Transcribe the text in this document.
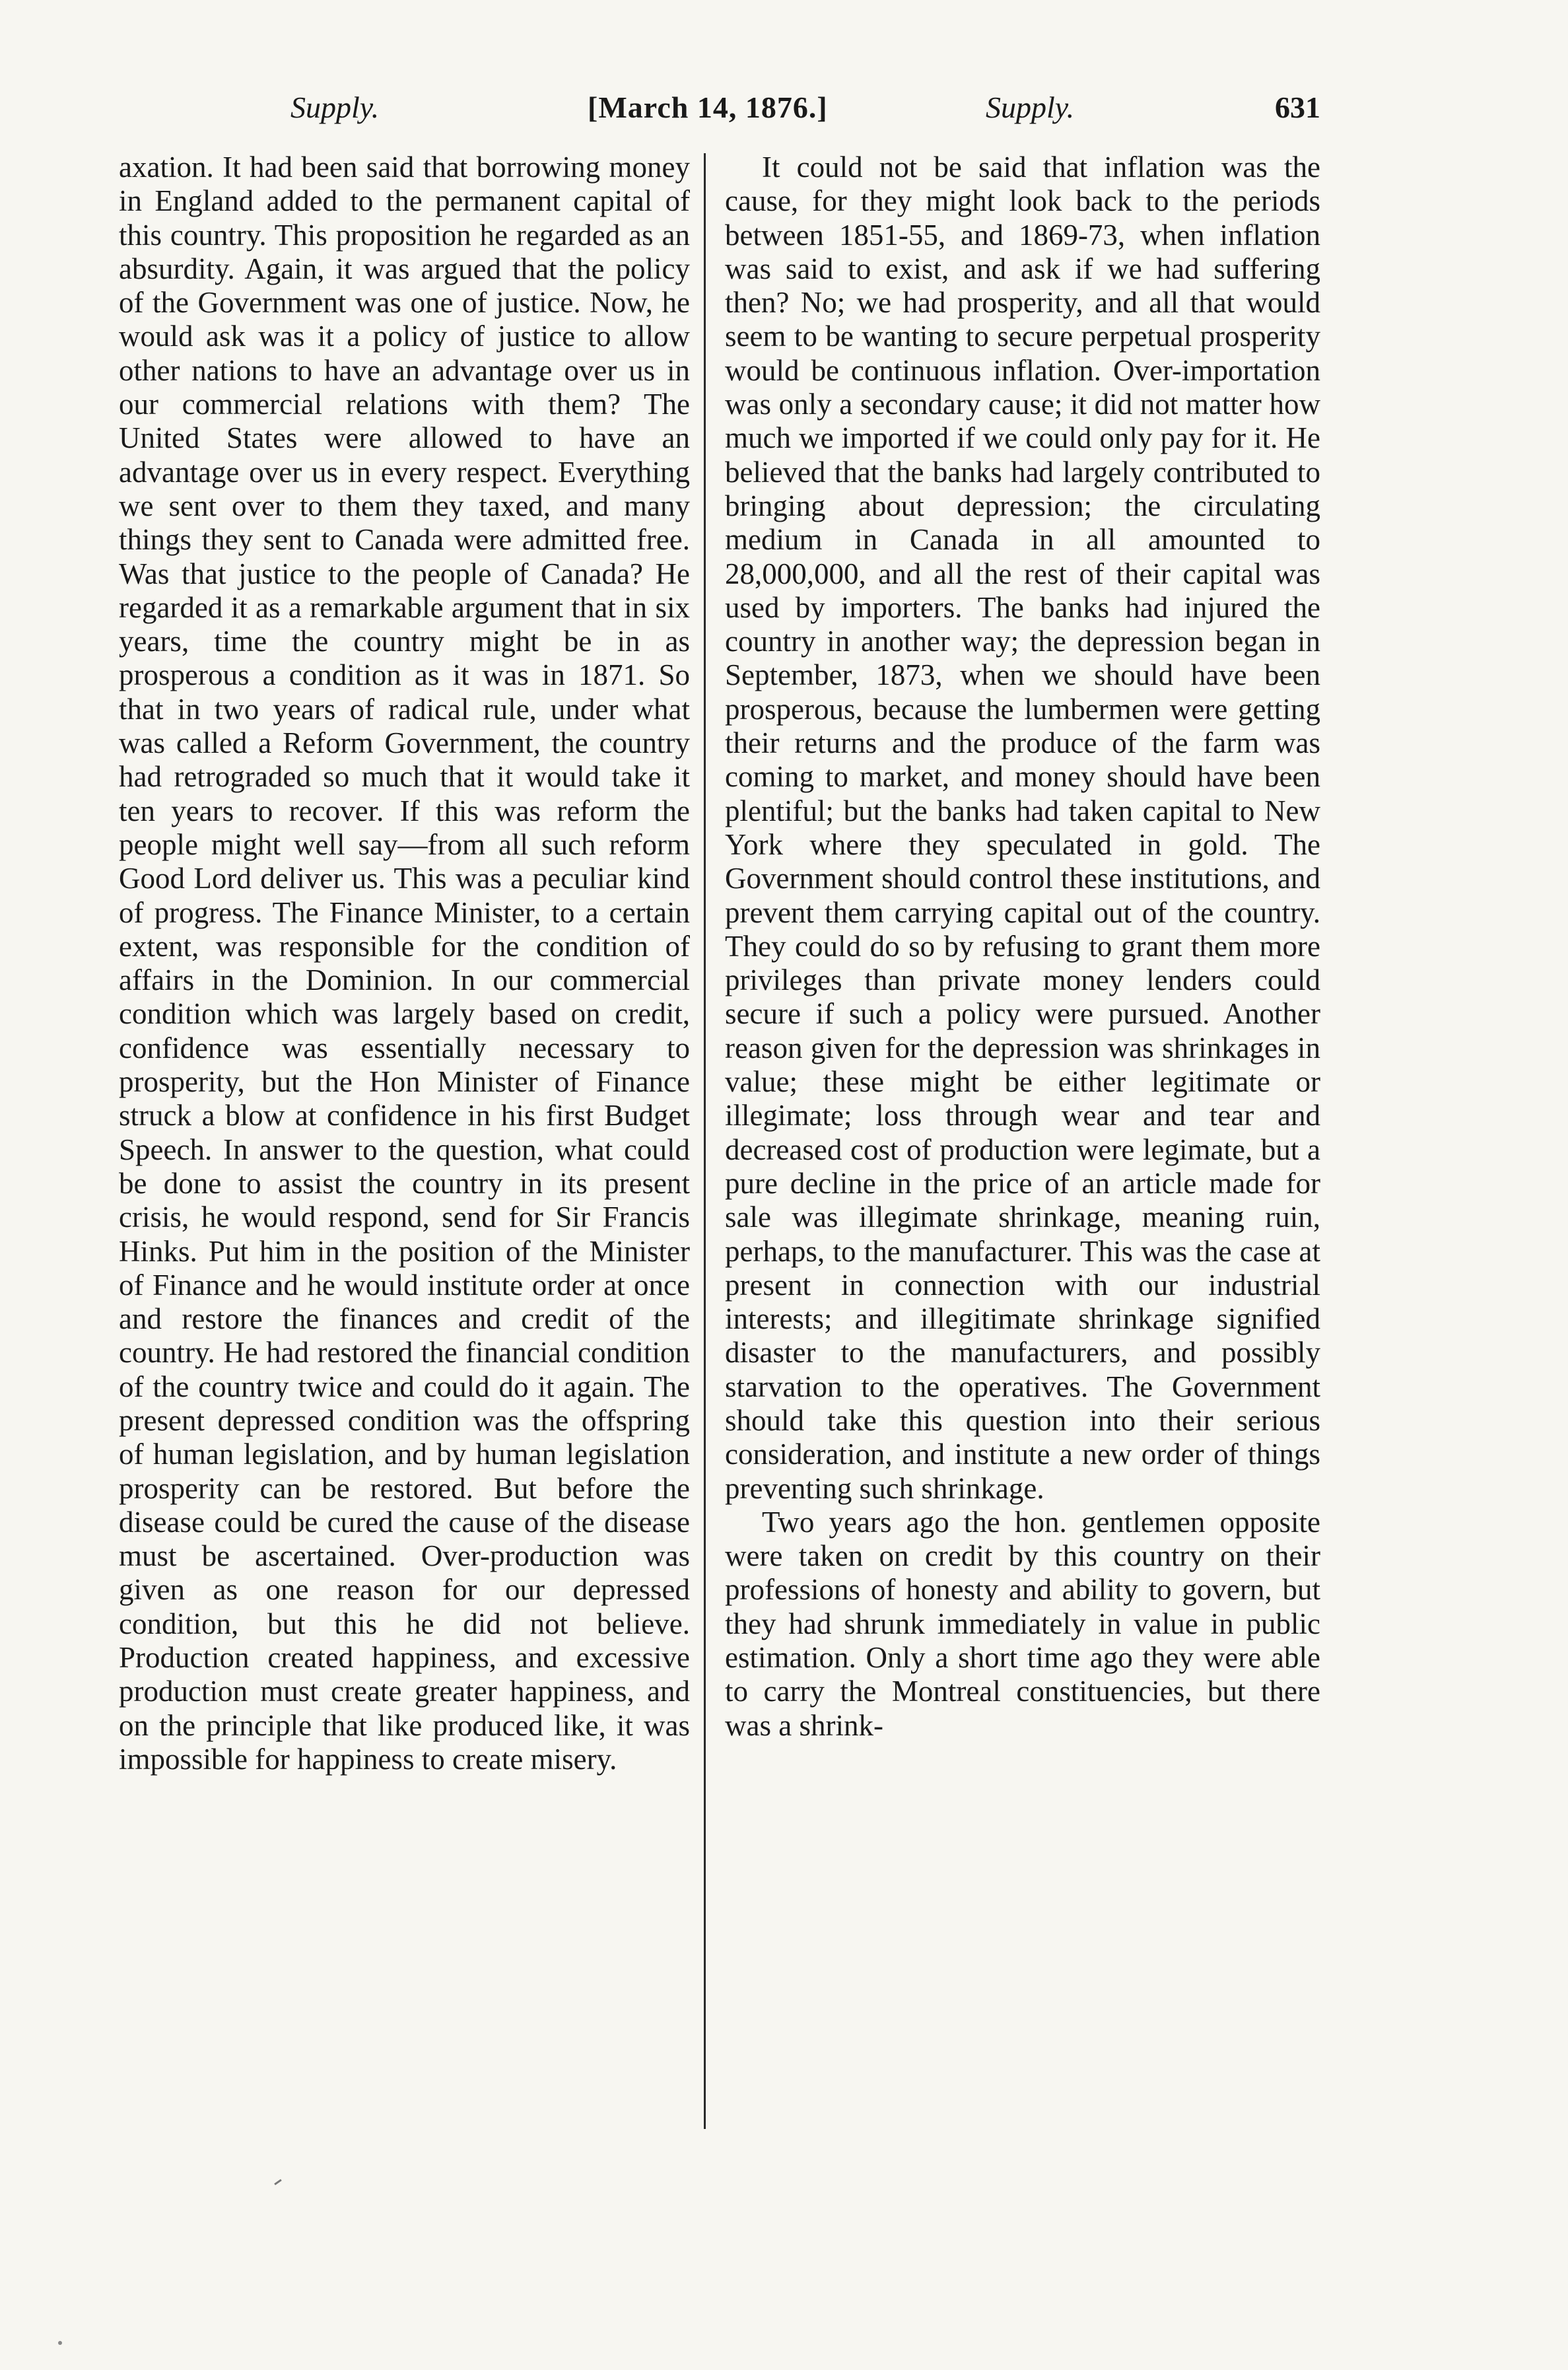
Supply.	[March 14, 1876.]	Supply.	631

axation. It had been said that borrowing money in England added to the permanent capital of this country. This proposition he regarded as an absurdity. Again, it was argued that the policy of the Government was one of justice. Now, he would ask was it a policy of justice to allow other nations to have an advantage over us in our commercial relations with them? The United States were allowed to have an advantage over us in every respect. Everything we sent over to them they taxed, and many things they sent to Canada were admitted free. Was that justice to the people of Canada? He regarded it as a remarkable argument that in six years, time the country might be in as prosperous a condition as it was in 1871. So that in two years of radical rule, under what was called a Reform Government, the country had retrograded so much that it would take it ten years to recover. If this was reform the people might well say—from all such reform Good Lord deliver us. This was a peculiar kind of progress. The Finance Minister, to a certain extent, was responsible for the condition of affairs in the Dominion. In our commercial condition which was largely based on credit, confidence was essentially necessary to prosperity, but the Hon Minister of Finance struck a blow at confidence in his first Budget Speech. In answer to the question, what could be done to assist the country in its present crisis, he would respond, send for Sir Francis Hinks. Put him in the position of the Minister of Finance and he would institute order at once and restore the finances and credit of the country. He had restored the financial condition of the country twice and could do it again. The present depressed condition was the offspring of human legislation, and by human legislation prosperity can be restored. But before the disease could be cured the cause of the disease must be ascertained. Over-production was given as one reason for our depressed condition, but this he did not believe. Production created happiness, and excessive production must create greater happiness, and on the principle that like produced like, it was impossible for happiness to create misery.

It could not be said that inflation was the cause, for they might look back to the periods between 1851-55, and 1869-73, when inflation was said to exist, and ask if we had suffering then? No; we had prosperity, and all that would seem to be wanting to secure perpetual prosperity would be continuous inflation. Over-importation was only a secondary cause; it did not matter how much we imported if we could only pay for it. He believed that the banks had largely contributed to bringing about depression; the circulating medium in Canada in all amounted to 28,000,000, and all the rest of their capital was used by importers. The banks had injured the country in another way; the depression began in September, 1873, when we should have been prosperous, because the lumbermen were getting their returns and the produce of the farm was coming to market, and money should have been plentiful; but the banks had taken capital to New York where they speculated in gold. The Government should control these institutions, and prevent them carrying capital out of the country. They could do so by refusing to grant them more privileges than private money lenders could secure if such a policy were pursued. Another reason given for the depression was shrinkages in value; these might be either legitimate or illegimate; loss through wear and tear and decreased cost of production were legimate, but a pure decline in the price of an article made for sale was illegimate shrinkage, meaning ruin, perhaps, to the manufacturer. This was the case at present in connection with our industrial interests; and illegitimate shrinkage signified disaster to the manufacturers, and possibly starvation to the operatives. The Government should take this question into their serious consideration, and institute a new order of things preventing such shrinkage.

Two years ago the hon. gentlemen opposite were taken on credit by this country on their professions of honesty and ability to govern, but they had shrunk immediately in value in public estimation. Only a short time ago they were able to carry the Montreal constituencies, but there was a shrink-
